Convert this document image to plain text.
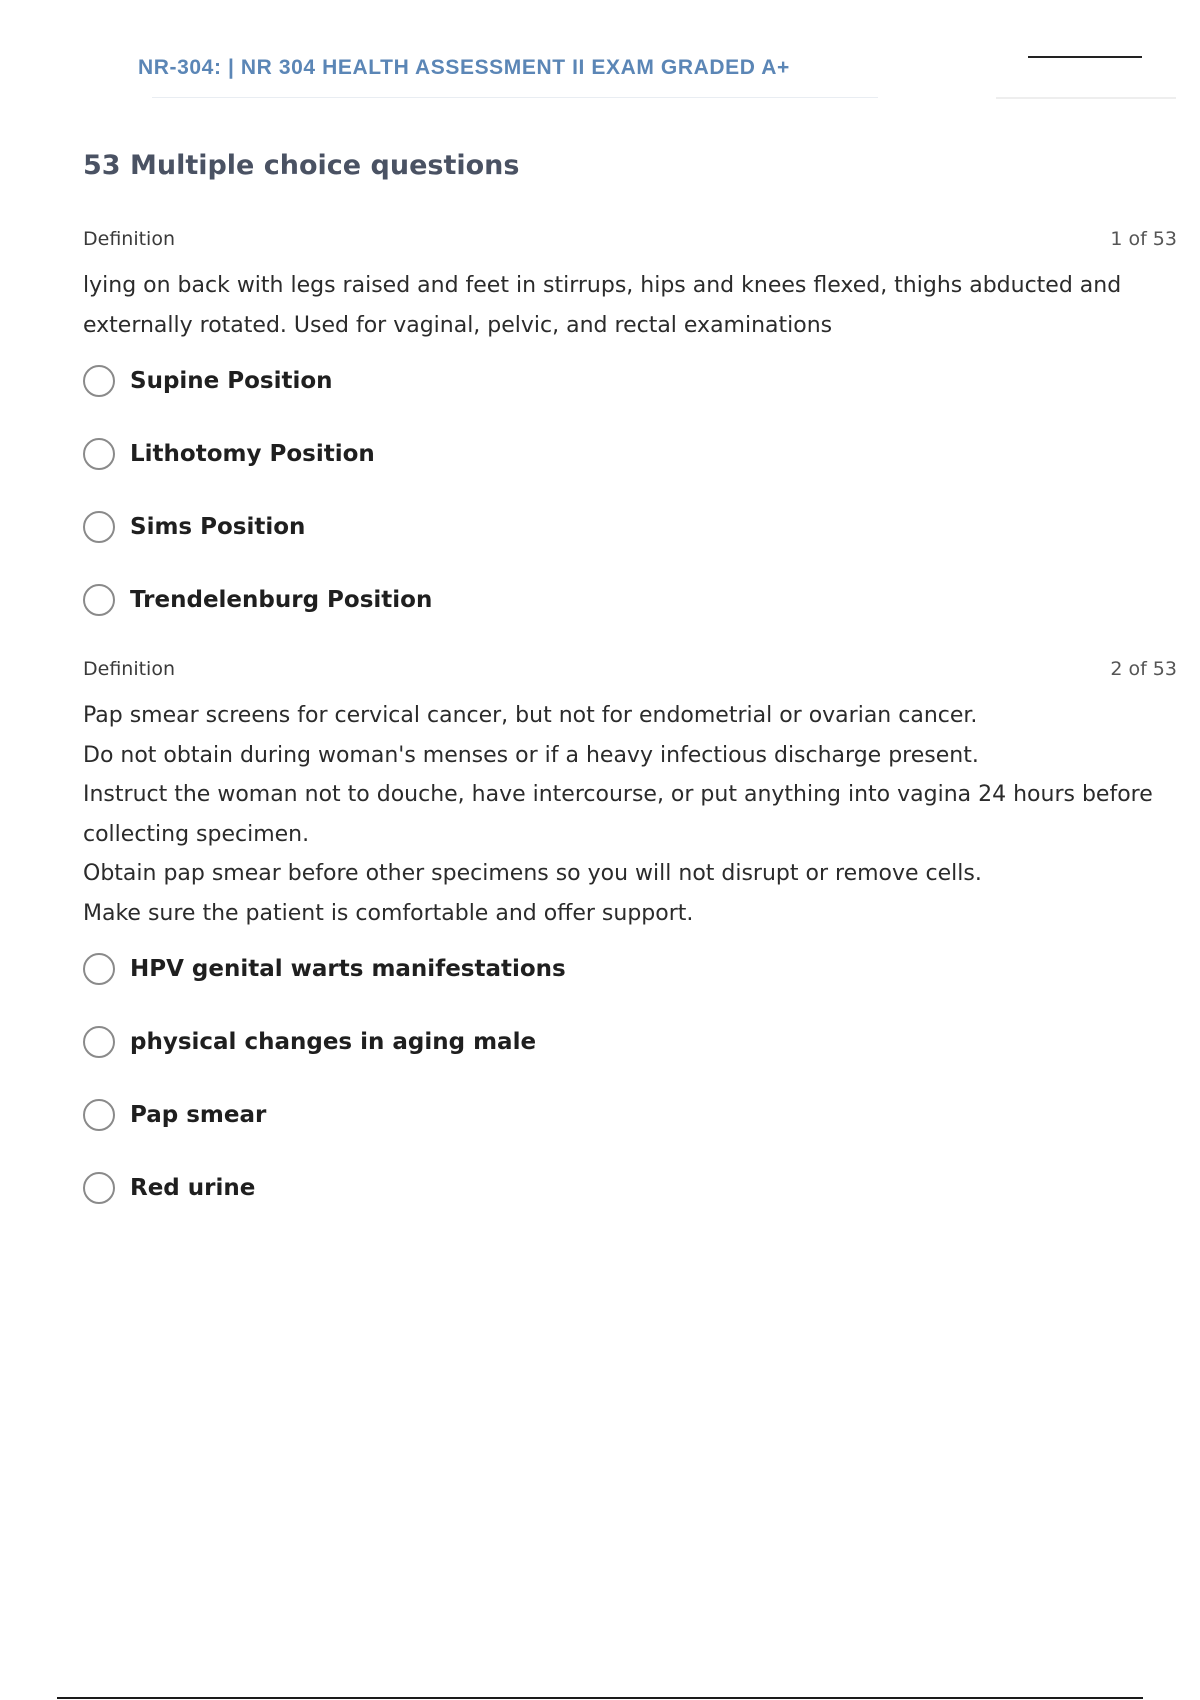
NR-304: | NR 304 HEALTH ASSESSMENT II EXAM GRADED A+
53 Multiple choice questions
Definition	1 of 53
lying on back with legs raised and feet in stirrups, hips and knees flexed, thighs abducted and
externally rotated. Used for vaginal, pelvic, and rectal examinations
Supine Position
Lithotomy Position
Sims Position
Trendelenburg Position
Definition	2 of 53
Pap smear screens for cervical cancer, but not for endometrial or ovarian cancer.
Do not obtain during woman's menses or if a heavy infectious discharge present.
Instruct the woman not to douche, have intercourse, or put anything into vagina 24 hours before
collecting specimen.
Obtain pap smear before other specimens so you will not disrupt or remove cells.
Make sure the patient is comfortable and offer support.
HPV genital warts manifestations
physical changes in aging male
Pap smear
Red urine
